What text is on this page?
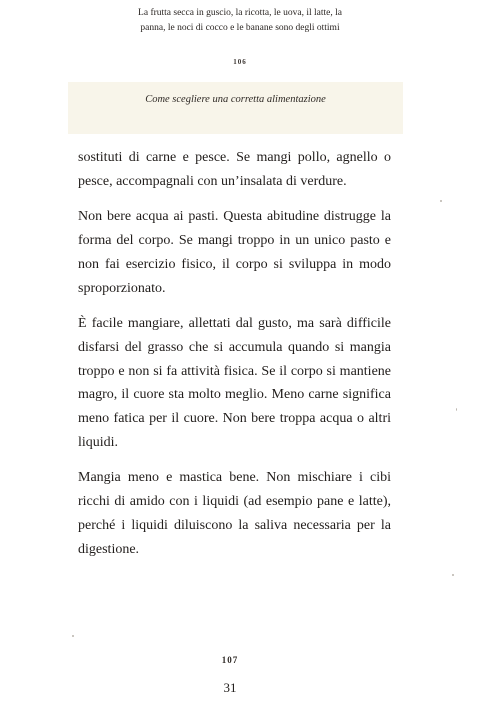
La frutta secca in guscio, la ricotta, le uova, il latte, la
panna, le noci di cocco e le banane sono degli ottimi
106
Come scegliere una corretta alimentazione

sostituti di carne e pesce. Se mangi pollo, agnello o pesce, accompagnali con un’insalata di verdure.

Non bere acqua ai pasti. Questa abitudine distrugge la forma del corpo. Se mangi troppo in un unico pasto e non fai esercizio fisico, il corpo si sviluppa in modo sproporzionato.

È facile mangiare, allettati dal gusto, ma sarà difficile disfarsi del grasso che si accumula quando si mangia troppo e non si fa attività fisica. Se il corpo si mantiene magro, il cuore sta molto meglio. Meno carne significa meno fatica per il cuore. Non bere troppa acqua o altri liquidi.

Mangia meno e mastica bene. Non mischiare i cibi ricchi di amido con i liquidi (ad esempio pane e latte), perché i liquidi diluiscono la saliva necessaria per la digestione.

107
31
